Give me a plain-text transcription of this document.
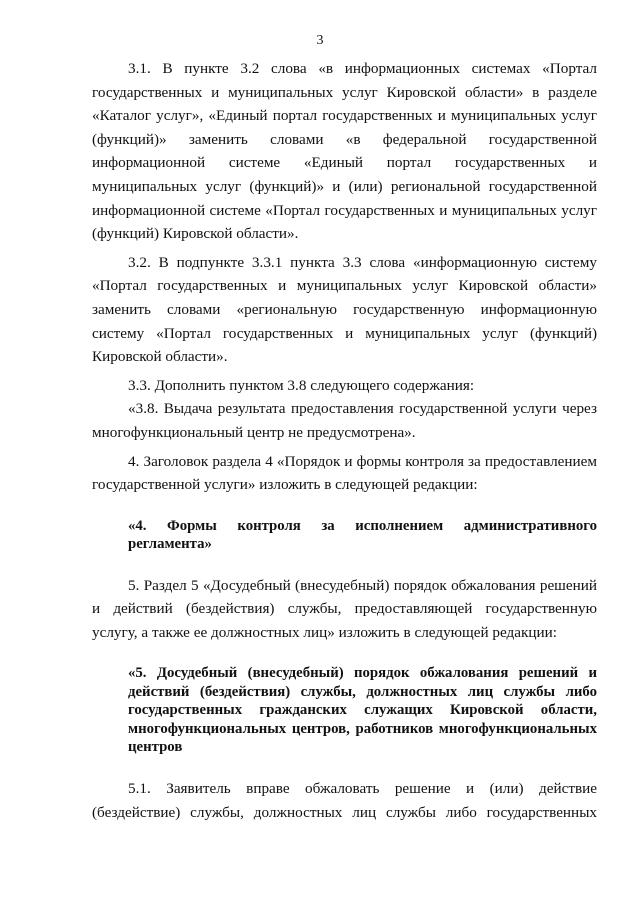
3

3.1. В пункте 3.2 слова «в информационных системах «Портал государственных и муниципальных услуг Кировской области» в разделе «Каталог услуг», «Единый портал государственных и муниципальных услуг (функций)» заменить словами «в федеральной государственной информационной системе «Единый портал государственных и муниципальных услуг (функций)» и (или) региональной государственной информационной системе «Портал государственных и муниципальных услуг (функций) Кировской области».

3.2. В подпункте 3.3.1 пункта 3.3 слова «информационную систему «Портал государственных и муниципальных услуг Кировской области» заменить словами «региональную государственную информационную систему «Портал государственных и муниципальных услуг (функций) Кировской области».

3.3. Дополнить пунктом 3.8 следующего содержания:

«3.8. Выдача результата предоставления государственной услуги через многофункциональный центр не предусмотрена».

4. Заголовок раздела 4 «Порядок и формы контроля за предоставлением государственной услуги» изложить в следующей редакции:

«4. Формы контроля за исполнением административного регламента»

5. Раздел 5 «Досудебный (внесудебный) порядок обжалования решений и действий (бездействия) службы, предоставляющей государственную услугу, а также ее должностных лиц» изложить в следующей редакции:

«5. Досудебный (внесудебный) порядок обжалования решений и действий (бездействия) службы, должностных лиц службы либо государственных гражданских служащих Кировской области, многофункциональных центров, работников многофункциональных центров

5.1. Заявитель вправе обжаловать решение и (или) действие (бездействие) службы, должностных лиц службы либо государственных
